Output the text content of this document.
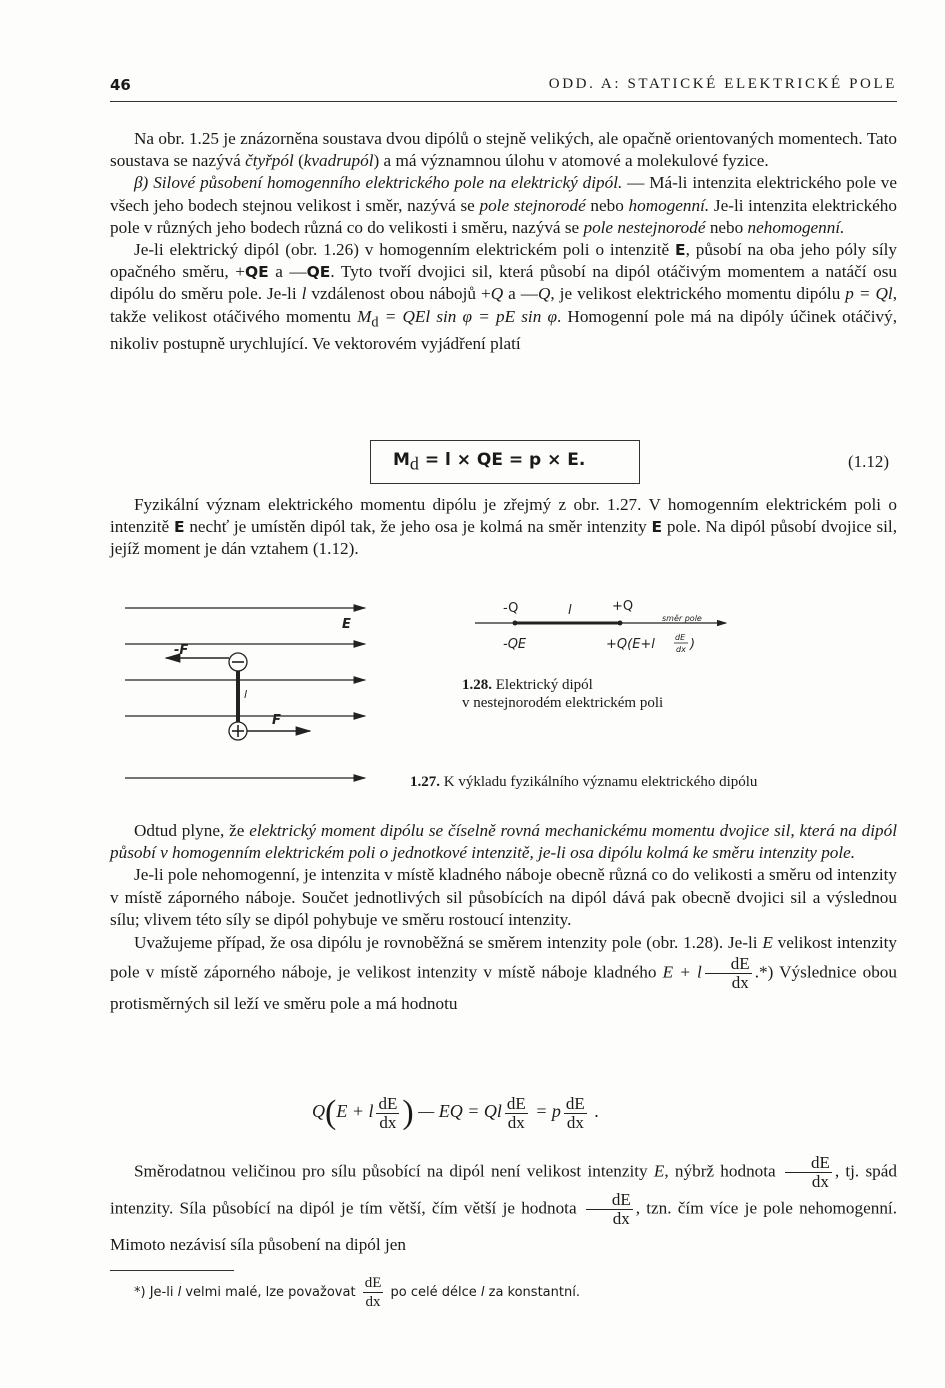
46	ODD. A: STATICKÉ ELEKTRICKÉ POLE

Na obr. 1.25 je znázorněna soustava dvou dipólů o stejně velikých, ale opačně orientovaných momentech. Tato soustava se nazývá čtyřpól (kvadrupól) a má významnou úlohu v atomové a molekulové fyzice.

β) Silové působení homogenního elektrického pole na elektrický dipól. — Má-li intenzita elektrického pole ve všech jeho bodech stejnou velikost i směr, nazývá se pole stejnorodé nebo homogenní. Je-li intenzita elektrického pole v různých jeho bodech různá co do velikosti i směru, nazývá se pole nestejnorodé nebo nehomogenní.

Je-li elektrický dipól (obr. 1.26) v homogenním elektrickém poli o intenzitě E, působí na oba jeho póly síly opačného směru, +QE a —QE. Tyto tvoří dvojici sil, která působí na dipól otáčivým momentem a natáčí osu dipólu do směru pole. Je-li l vzdálenost obou nábojů +Q a —Q, je velikost elektrického momentu dipólu p = Ql, takže velikost otáčivého momentu $M_d$ = QEl sin φ = pE sin φ. Homogenní pole má na dipóly účinek otáčivý, nikoliv postupně urychlující. Ve vektorovém vyjádření platí

$M_d = l$ × QE = p × E.	(1.12)

Fyzikální význam elektrického momentu dipólu je zřejmý z obr. 1.27. V homogenním elektrickém poli o intenzitě E nechť je umístěn dipól tak, že jeho osa je kolmá na směr intenzity E pole. Na dipól působí dvojice sil, jejíž moment je dán vztahem (1.12).

E
-F
F
l
-Q	l	+Q
směr pole
-QE	+Q(E+l	dE
dx )
1.28. Elektrický dipól
v nestejnorodém elektrickém poli
1.27. K výkladu fyzikálního významu elektrického dipólu

Odtud plyne, že elektrický moment dipólu se číselně rovná mechanickému momentu dvojice sil, která na dipól působí v homogenním elektrickém poli o jednotkové intenzitě, je-li osa dipólu kolmá ke směru intenzity pole.

Je-li pole nehomogenní, je intenzita v místě kladného náboje obecně různá co do velikosti a směru od intenzity v místě záporného náboje. Součet jednotlivých sil působících na dipól dává pak obecně dvojici sil a výslednou sílu; vlivem této síly se dipól pohybuje ve směru rostoucí intenzity.

Uvažujeme případ, že osa dipólu je rovnoběžná se směrem intenzity pole (obr. 1.28). Je-li E velikost intenzity pole v místě záporného náboje, je velikost intenzity v místě náboje kladného E + l $\frac{dE}{dx}$ .*) Výslednice obou protisměrných sil leží ve směru pole a má hodnotu

Q(E + l $\frac{dE}{dx}$ ) — EQ = Ql $\frac{dE}{dx} = p \frac{dE}{dx}$ .

Směrodatnou veličinou pro sílu působící na dipól není velikost intenzity E, nýbrž hodnota $\frac{dE}{dx}$ , tj. spád intenzity. Síla působící na dipól je tím větší, čím větší je hodnota $\frac{dE}{dx}$ , tzn. čím více je pole nehomogenní. Mimoto nezávisí síla působení na dipól jen

*) Je-li l velmi malé, lze považovat $\frac{dE}{dx}$ po celé délce l za konstantní.
